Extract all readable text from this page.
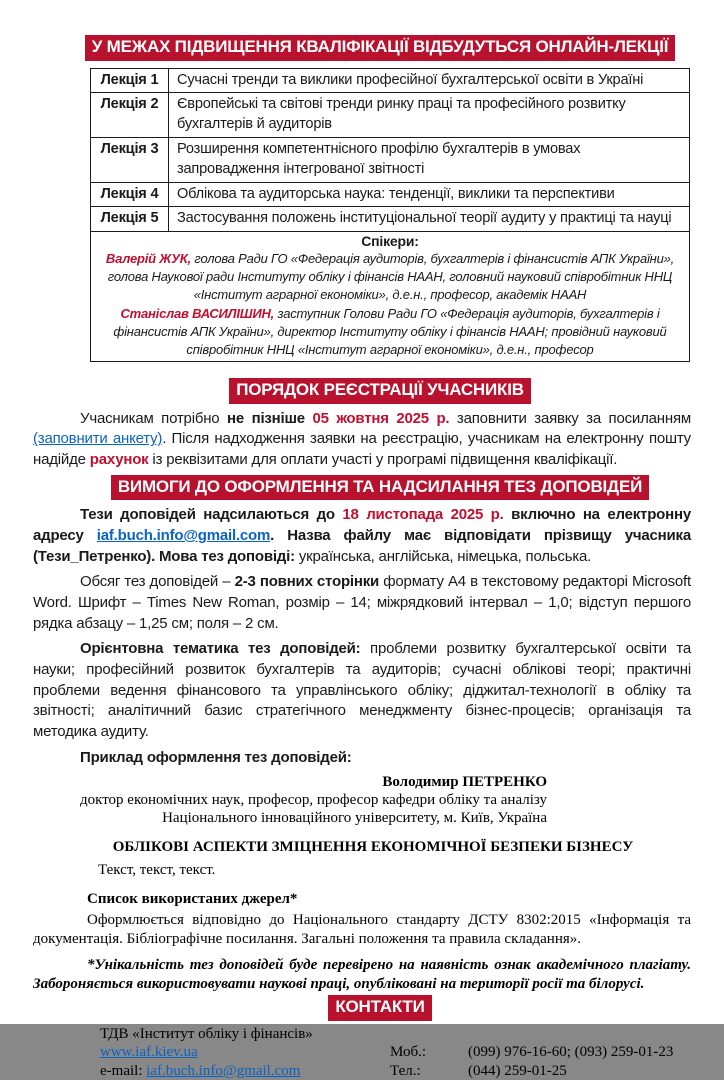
У МЕЖАХ ПІДВИЩЕННЯ КВАЛІФІКАЦІЇ ВІДБУДУТЬСЯ ОНЛАЙН-ЛЕКЦІЇ
Лекція 1	Сучасні тренди та виклики професійної бухгалтерської освіти в Україні
Лекція 2	Європейські та світові тренди ринку праці та професійного розвитку бухгалтерів й аудиторів
Лекція 3	Розширення компетентнісного профілю бухгалтерів в умовах запровадження інтегрованої звітності
Лекція 4	Облікова та аудиторська наука: тенденції, виклики та перспективи
Лекція 5	Застосування положень інституціональної теорії аудиту у практиці та науці

Спікери:

Валерій ЖУК, голова Ради ГО «Федерація аудиторів, бухгалтерів і фінансистів АПК України», голова Наукової ради Інституту обліку і фінансів НААН, головний науковий співробітник ННЦ «Інститут аграрної економіки», д.е.н., професор, академік НААН

Станіслав ВАСИЛІШИН, заступник Голови Ради ГО «Федерація аудиторів, бухгалтерів і фінансистів АПК України», директор Інституту обліку і фінансів НААН; провідний науковий співробітник ННЦ «Інститут аграрної економіки», д.е.н., професор	

ПОРЯДОК РЕЄСТРАЦІЇ УЧАСНИКІВ

Учасникам потрібно не пізніше 05 жовтня 2025 р. заповнити заявку за посиланням (заповнити анкету). Після надходження заявки на реєстрацію, учасникам на електронну пошту надійде рахунок із реквізитами для оплати участі у програмі підвищення кваліфікації.

ВИМОГИ ДО ОФОРМЛЕННЯ ТА НАДСИЛАННЯ ТЕЗ ДОПОВІДЕЙ

Тези доповідей надсилаються до 18 листопада 2025 р. включно на електронну адресу iaf.buch.info@gmail.com. Назва файлу має відповідати прізвищу учасника (Тези_Петренко). Мова тез доповіді: українська, англійська, німецька, польська.

Обсяг тез доповідей – 2-3 повних сторінки формату А4 в текстовому редакторі Microsoft Word. Шрифт – Times New Roman, розмір – 14; міжрядковий інтервал – 1,0; відступ першого рядка абзацу – 1,25 см; поля – 2 см.

Орієнтовна тематика тез доповідей: проблеми розвитку бухгалтерської освіти та науки; професійний розвиток бухгалтерів та аудиторів; сучасні облікові теорі; практичні проблеми ведення фінансового та управлінського обліку; діджитал-технології в обліку та звітності; аналітичний базис стратегічного менеджменту бізнес-процесів; організація та методика аудиту.

Приклад оформлення тез доповідей:

Володимир ПЕТРЕНКО
доктор економічних наук, професор, професор кафедри обліку та аналізу
Національного інноваційного університету, м. Київ, Україна
ОБЛІКОВІ АСПЕКТИ ЗМІЦНЕННЯ ЕКОНОМІЧНОЇ БЕЗПЕКИ БІЗНЕСУ
Текст, текст, текст.
Список використаних джерел*

Оформлюється відповідно до Національного стандарту ДСТУ 8302:2015 «Інформація та документація. Бібліографічне посилання. Загальні положення та правила складання».

*Унікальність тез доповідей буде перевірено на наявність ознак академічного плагіату. Забороняється використовувати наукові праці, опубліковані на території росії та білорусі.

КОНТАКТИ
ТДВ «Інститут обліку і фінансів»
www.iaf.kiev.ua	Моб.:	(099) 976-16-60; (093) 259-01-23
e-mail: iaf.buch.info@gmail.com	Тел.:	(044) 259-01-25
